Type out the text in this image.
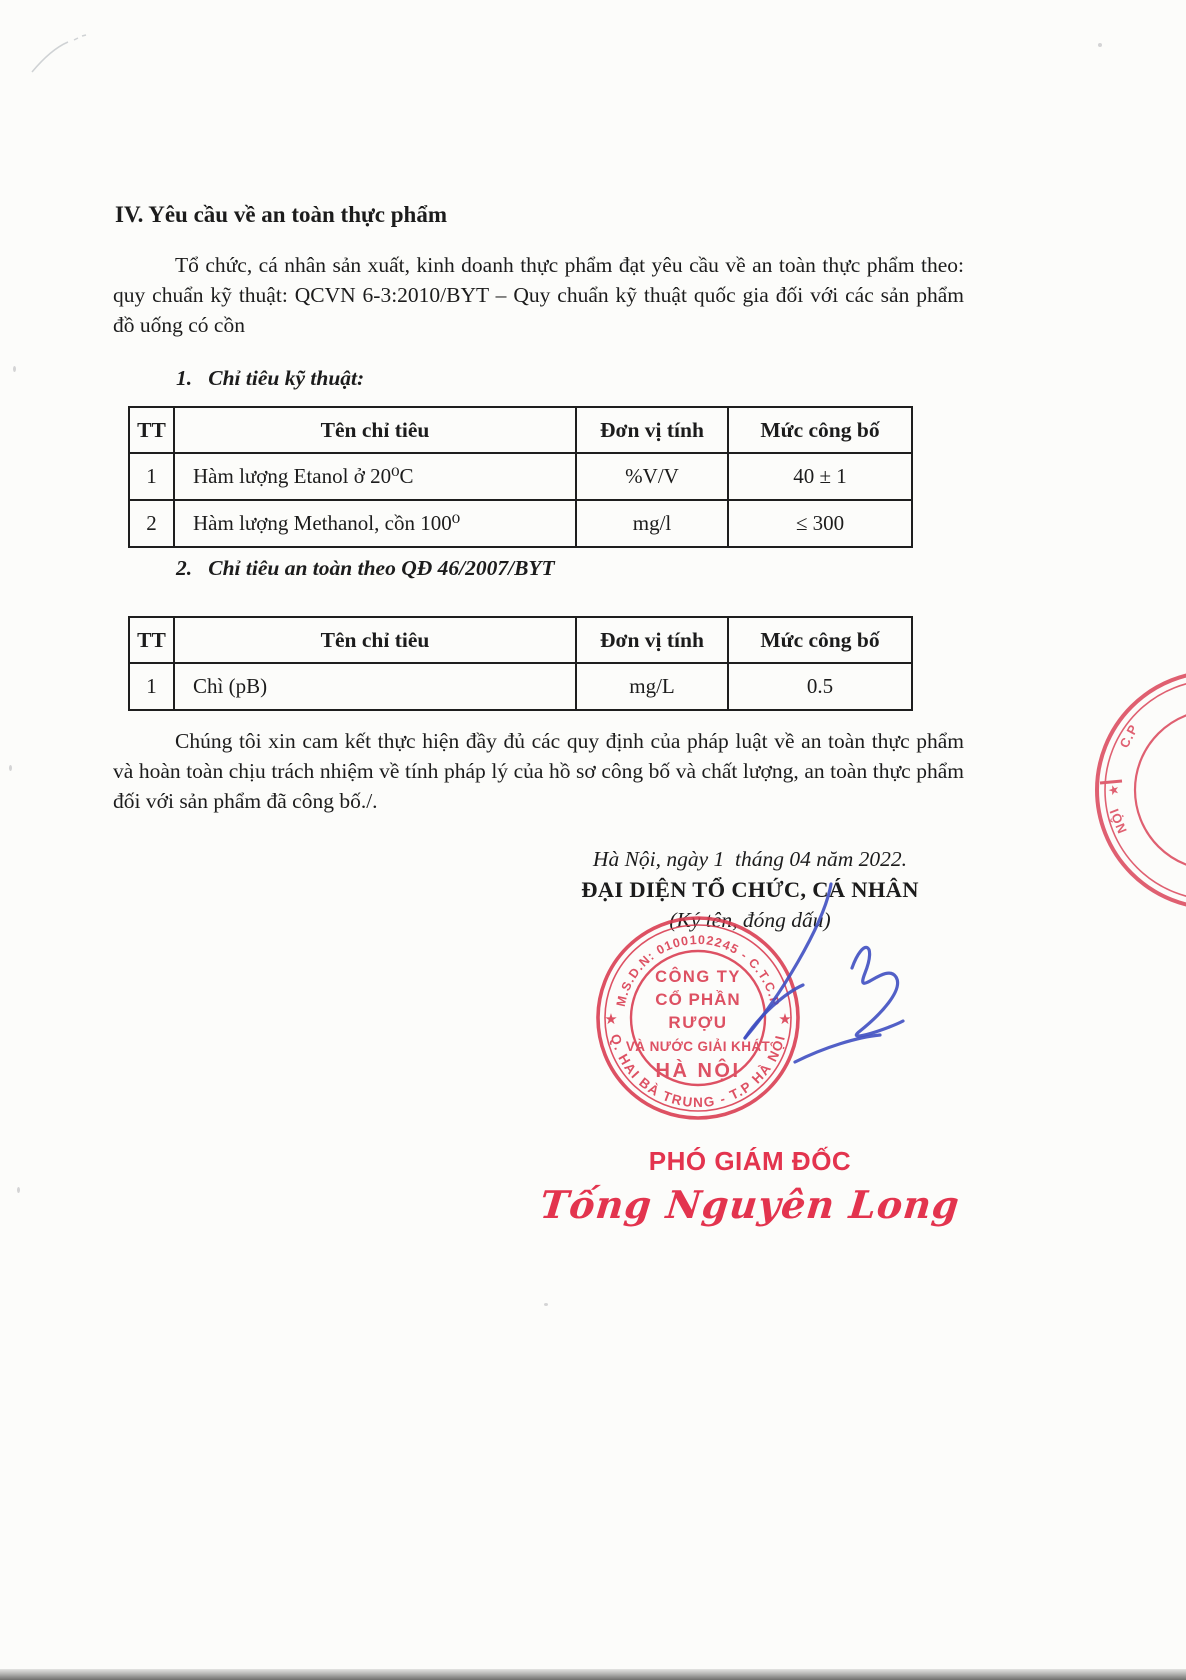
IV. Yêu cầu về an toàn thực phẩm

Tổ chức, cá nhân sản xuất, kinh doanh thực phẩm đạt yêu cầu về an toàn thực phẩm theo: quy chuẩn kỹ thuật: QCVN 6-3:2010/BYT – Quy chuẩn kỹ thuật quốc gia đối với các sản phẩm đồ uống có cồn

1.   Chỉ tiêu kỹ thuật:
TT	Tên chỉ tiêu	Đơn vị tính	Mức công bố
1	Hàm lượng Etanol ở 20⁰C	%V/V	40 ± 1
2	Hàm lượng Methanol, cồn 100⁰	mg/l	≤ 300
2.   Chỉ tiêu an toàn theo QĐ 46/2007/BYT
TT	Tên chỉ tiêu	Đơn vị tính	Mức công bố
1	Chì (pB)	mg/L	0.5

Chúng tôi xin cam kết thực hiện đầy đủ các quy định của pháp luật về an toàn thực phẩm và hoàn toàn chịu trách nhiệm về tính pháp lý của hồ sơ công bố và chất lượng, an toàn thực phẩm đối với sản phẩm đã công bố./.

Hà Nội, ngày 1  tháng 04 năm 2022.
ĐẠI DIỆN TỔ CHỨC, CÁ NHÂN
(Ký tên, đóng dấu)
M.S.D.N: 0100102245 - C.T.C.P
Q. HAI BÀ TRUNG - T.P HÀ NỘI
★	★
CÔNG TY
CỔ PHẦN
RƯỢU
VÀ NƯỚC GIẢI KHÁT
HÀ NỘI
PHÓ GIÁM ĐỐC
Tống Nguyên Long
C.P
★
NỘI
